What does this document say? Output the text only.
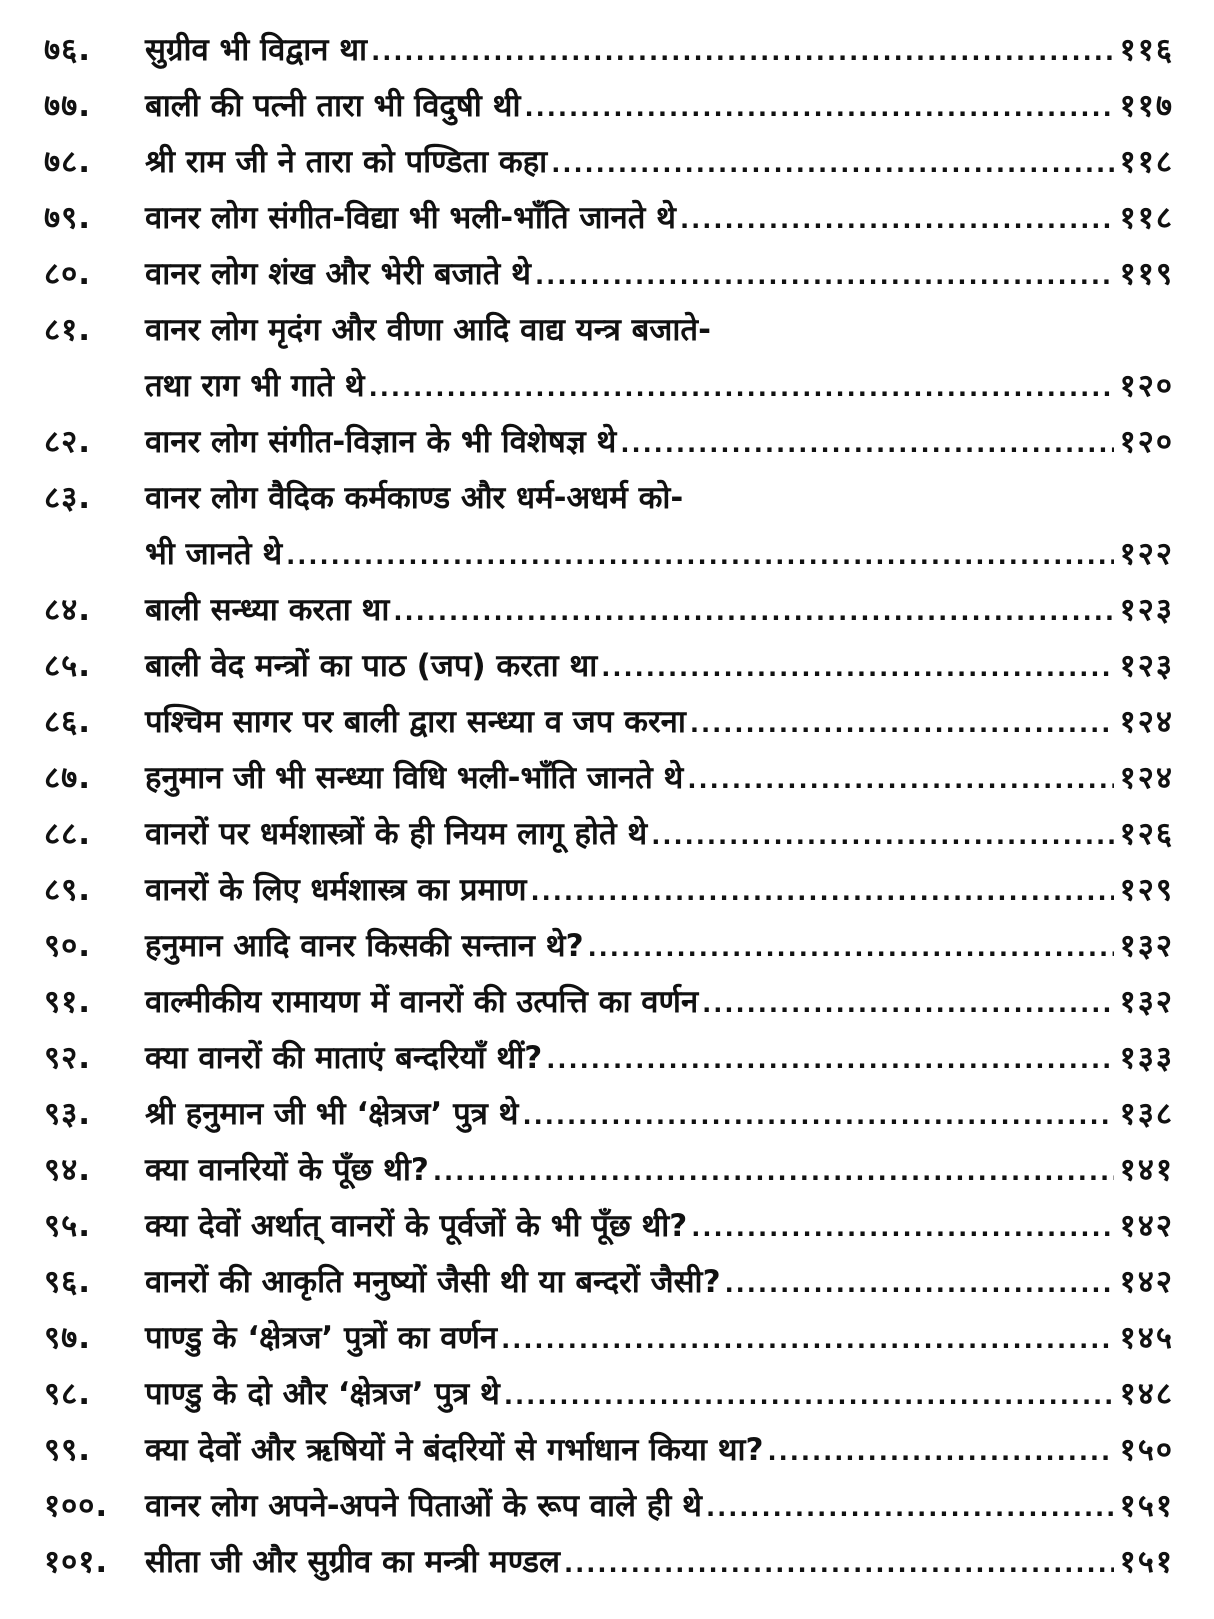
७६.	सुग्रीव भी विद्वान था .....	११६
७७.	बाली की पत्नी तारा भी विदुषी थी .....	११७
७८.	श्री राम जी ने तारा को पण्डिता कहा .....	११८
७९.	वानर लोग संगीत-विद्या भी भली-भाँति जानते थे .....	११८
८०.	वानर लोग शंख और भेरी बजाते थे .....	११९
८१.	वानर लोग मृदंग और वीणा आदि वाद्य यन्त्र बजाते-
तथा राग भी गाते थे .....	१२०
८२.	वानर लोग संगीत-विज्ञान के भी विशेषज्ञ थे .....	१२०
८३.	वानर लोग वैदिक कर्मकाण्ड और धर्म-अधर्म को-
भी जानते थे .....	१२२
८४.	बाली सन्ध्या करता था .....	१२३
८५.	बाली वेद मन्त्रों का पाठ (जप) करता था .....	१२३
८६.	पश्चिम सागर पर बाली द्वारा सन्ध्या व जप करना .....	१२४
८७.	हनुमान जी भी सन्ध्या विधि भली-भाँति जानते थे .....	१२४
८८.	वानरों पर धर्मशास्त्रों के ही नियम लागू होते थे .....	१२६
८९.	वानरों के लिए धर्मशास्त्र का प्रमाण .....	१२९
९०.	हनुमान आदि वानर किसकी सन्तान थे? .....	१३२
९१.	वाल्मीकीय रामायण में वानरों की उत्पत्ति का वर्णन .....	१३२
९२.	क्या वानरों की माताएं बन्दरियाँ थीं? .....	१३३
९३.	श्री हनुमान जी भी ‘क्षेत्रज’ पुत्र थे .....	१३८
९४.	क्या वानरियों के पूँछ थी? .....	१४१
९५.	क्या देवों अर्थात् वानरों के पूर्वजों के भी पूँछ थी? .....	१४२
९६.	वानरों की आकृति मनुष्यों जैसी थी या बन्दरों जैसी? .....	१४२
९७.	पाण्डु के ‘क्षेत्रज’ पुत्रों का वर्णन .....	१४५
९८.	पाण्डु के दो और ‘क्षेत्रज’ पुत्र थे .....	१४८
९९.	क्या देवों और ऋषियों ने बंदरियों से गर्भाधान किया था? .....	१५०
१००.	वानर लोग अपने-अपने पिताओं के रूप वाले ही थे .....	१५१
१०१.	सीता जी और सुग्रीव का मन्त्री मण्डल .....	१५१
